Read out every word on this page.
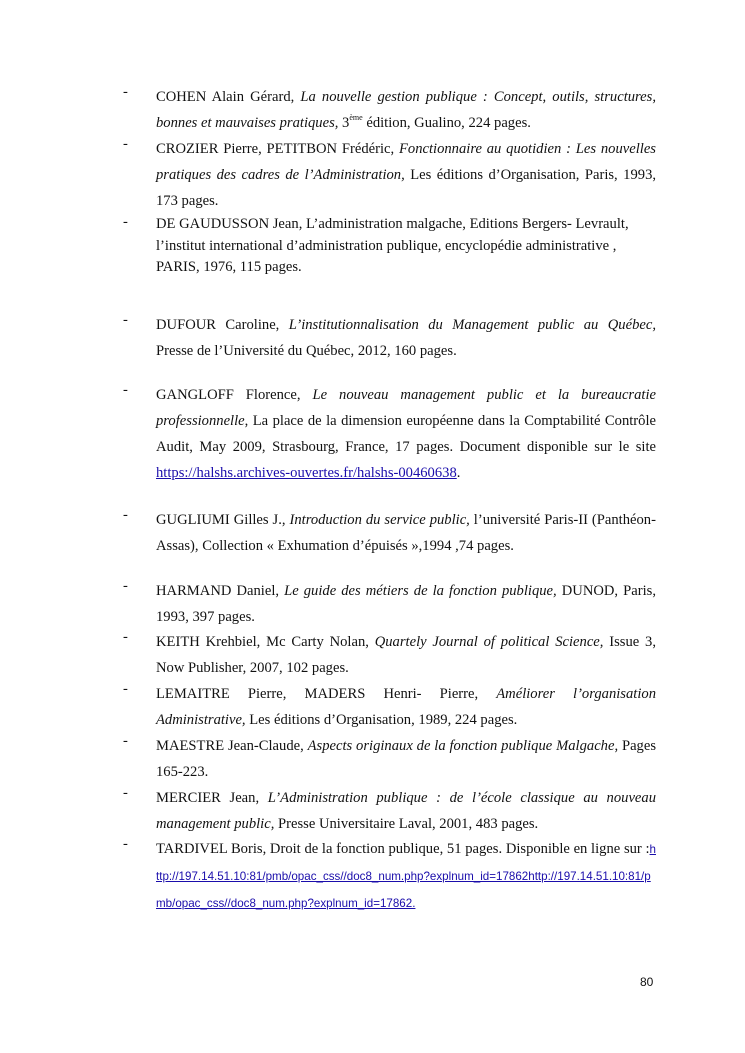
-	COHEN Alain Gérard, La nouvelle gestion publique : Concept, outils, structures, bonnes et mauvaises pratiques, 3ème édition, Gualino, 224 pages.
-	CROZIER Pierre, PETITBON Frédéric, Fonctionnaire au quotidien : Les nouvelles pratiques des cadres de l’Administration, Les éditions d’Organisation, Paris, 1993, 173 pages.
-	DE GAUDUSSON Jean, L’administration malgache, Editions Bergers- Levrault, l’institut international d’administration publique, encyclopédie administrative , PARIS, 1976, 115 pages.
-	DUFOUR Caroline, L’institutionnalisation du Management public au Québec, Presse de l’Université du Québec, 2012, 160 pages.
-	GANGLOFF Florence, Le nouveau management public et la bureaucratie professionnelle, La place de la dimension européenne dans la Comptabilité Contrôle Audit, May 2009, Strasbourg, France, 17 pages. Document disponible sur le site https://halshs.archives-ouvertes.fr/halshs-00460638.
-	GUGLIUMI Gilles J., Introduction du service public, l’université Paris-II (Panthéon-Assas), Collection « Exhumation d’épuisés »,1994 ,74 pages.
-	HARMAND Daniel, Le guide des métiers de la fonction publique, DUNOD, Paris, 1993, 397 pages.
-	KEITH Krehbiel, Mc Carty Nolan, Quartely Journal of political Science, Issue 3, Now Publisher, 2007, 102 pages.
-	LEMAITRE Pierre, MADERS Henri- Pierre, Améliorer l’organisation Administrative, Les éditions d’Organisation, 1989, 224 pages.
-	MAESTRE Jean-Claude, Aspects originaux de la fonction publique Malgache, Pages 165-223.
-	MERCIER Jean, L’Administration publique : de l’école classique au nouveau management public, Presse Universitaire Laval, 2001, 483 pages.
-	TARDIVEL Boris, Droit de la fonction publique, 51 pages. Disponible en ligne sur :http://197.14.51.10:81/pmb/opac_css//doc8_num.php?explnum_id=17862http://197.14.51.10:81/pmb/opac_css//doc8_num.php?explnum_id=17862.
80
